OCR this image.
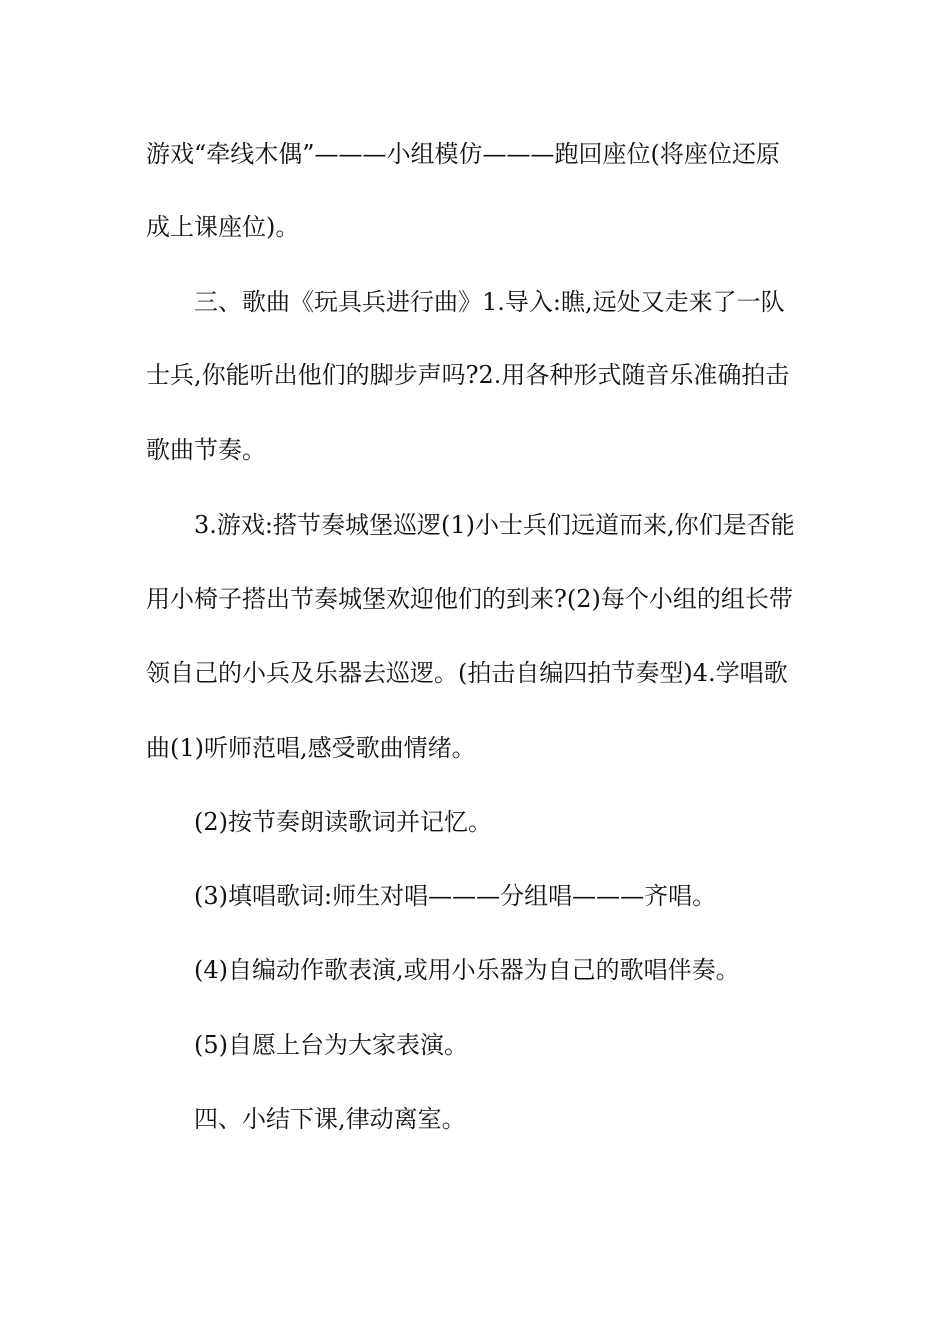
游戏“牵线木偶”———小组模仿———跑回座位(将座位还原
成上课座位)。
三、歌曲《玩具兵进行曲》1.导入:瞧,远处又走来了一队
士兵,你能听出他们的脚步声吗?2.用各种形式随音乐准确拍击
歌曲节奏。
3.游戏:搭节奏城堡巡逻(1)小士兵们远道而来,你们是否能
用小椅子搭出节奏城堡欢迎他们的到来?(2)每个小组的组长带
领自己的小兵及乐器去巡逻。(拍击自编四拍节奏型)4.学唱歌
曲(1)听师范唱,感受歌曲情绪。
(2)按节奏朗读歌词并记忆。
(3)填唱歌词:师生对唱———分组唱———齐唱。
(4)自编动作歌表演,或用小乐器为自己的歌唱伴奏。
(5)自愿上台为大家表演。
四、小结下课,律动离室。
